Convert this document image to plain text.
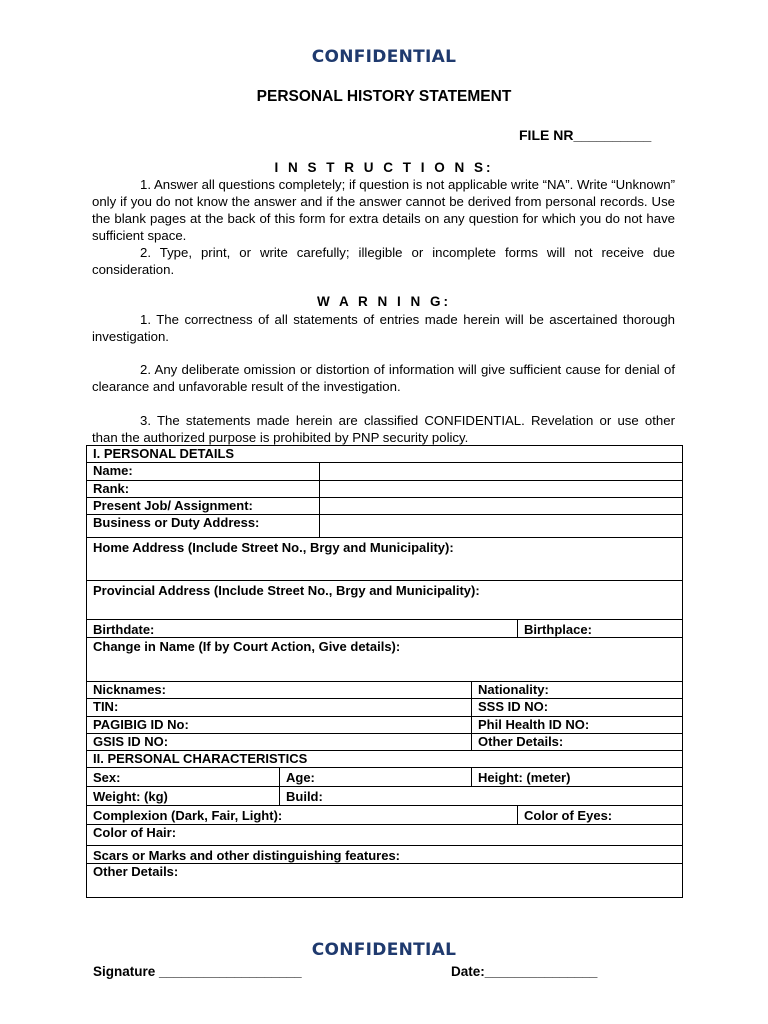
CONFIDENTIAL
PERSONAL HISTORY STATEMENT
FILE NR__________
I N S T R U C T I O N S:
1. Answer all questions completely; if question is not applicable write “NA”. Write “Unknown” only if you do not know the answer and if the answer cannot be derived from personal records. Use the blank pages at the back of this form for extra details on any question for which you do not have sufficient space.
2. Type, print, or write carefully; illegible or incomplete forms will not receive due consideration.
W A R N I N G:
1. The correctness of all statements of entries made herein will be ascertained thorough investigation.
2. Any deliberate omission or distortion of information will give sufficient cause for denial of clearance and unfavorable result of the investigation.
3. The statements made herein are classified CONFIDENTIAL. Revelation or use other than the authorized purpose is prohibited by PNP security policy.
I. PERSONAL DETAILS				
Name:				
Rank:				
Present Job/ Assignment:				
Business or Duty Address:				
Home Address (Include Street No., Brgy and Municipality):				
Provincial Address (Include Street No., Brgy and Municipality):				
Birthdate:				Birthplace:
Change in Name (If by Court Action, Give details):				
Nicknames:			Nationality:	
TIN:			SSS ID NO:	
PAGIBIG ID No:			Phil Health ID NO:	
GSIS ID NO:			Other Details:	
II. PERSONAL CHARACTERISTICS				
Sex:	Age:		Height: (meter)	
Weight: (kg)	Build:			
Complexion (Dark, Fair, Light):				Color of Eyes:
Color of Hair:				
Scars or Marks and other distinguishing features:				
Other Details:				
CONFIDENTIAL
Signature ___________________	Date:_______________
